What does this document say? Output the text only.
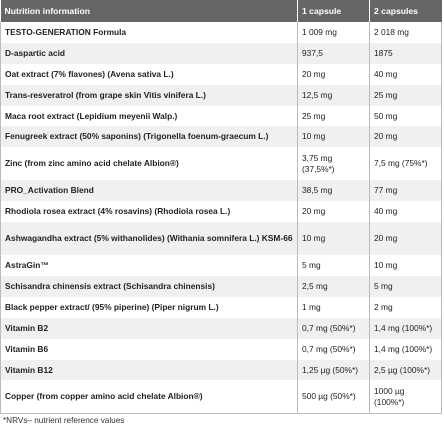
Nutrition information	1 capsule	2 capsules
TESTO-GENERATION Formula	1 009 mg	2 018 mg
D-aspartic acid	937,5	1875
Oat extract (7% flavones) (Avena sativa L.)	20 mg	40 mg
Trans-resveratrol (from grape skin Vitis vinifera L.)	12,5 mg	25 mg
Maca root extract (Lepidium meyenii Walp.)	25 mg	50 mg
Fenugreek extract (50% saponins) (Trigonella foenum-graecum L.)	10 mg	20 mg
Zinc (from zinc amino acid chelate Albion®)	3,75 mg (37,5%*)	7,5 mg (75%*)
PRO_Activation Blend	38,5 mg	77 mg
Rhodiola rosea extract (4% rosavins) (Rhodiola rosea L.)	20 mg	40 mg
Ashwagandha extract (5% withanolides) (Withania somnifera L.) KSM-66	10 mg	20 mg
AstraGin™	5 mg	10 mg
Schisandra chinensis extract (Schisandra chinensis)	2,5 mg	5 mg
Black pepper extract/ (95% piperine) (Piper nigrum L.)	1 mg	2 mg
Vitamin B2	0,7 mg (50%*)	1,4 mg (100%*)
Vitamin B6	0,7 mg (50%*)	1,4 mg (100%*)
Vitamin B12	1,25 µg (50%*)	2,5 µg (100%*)
Copper (from copper amino acid chelate Albion®)	500 µg (50%*)	1000 µg (100%*)
*NRVs– nutrient reference values
